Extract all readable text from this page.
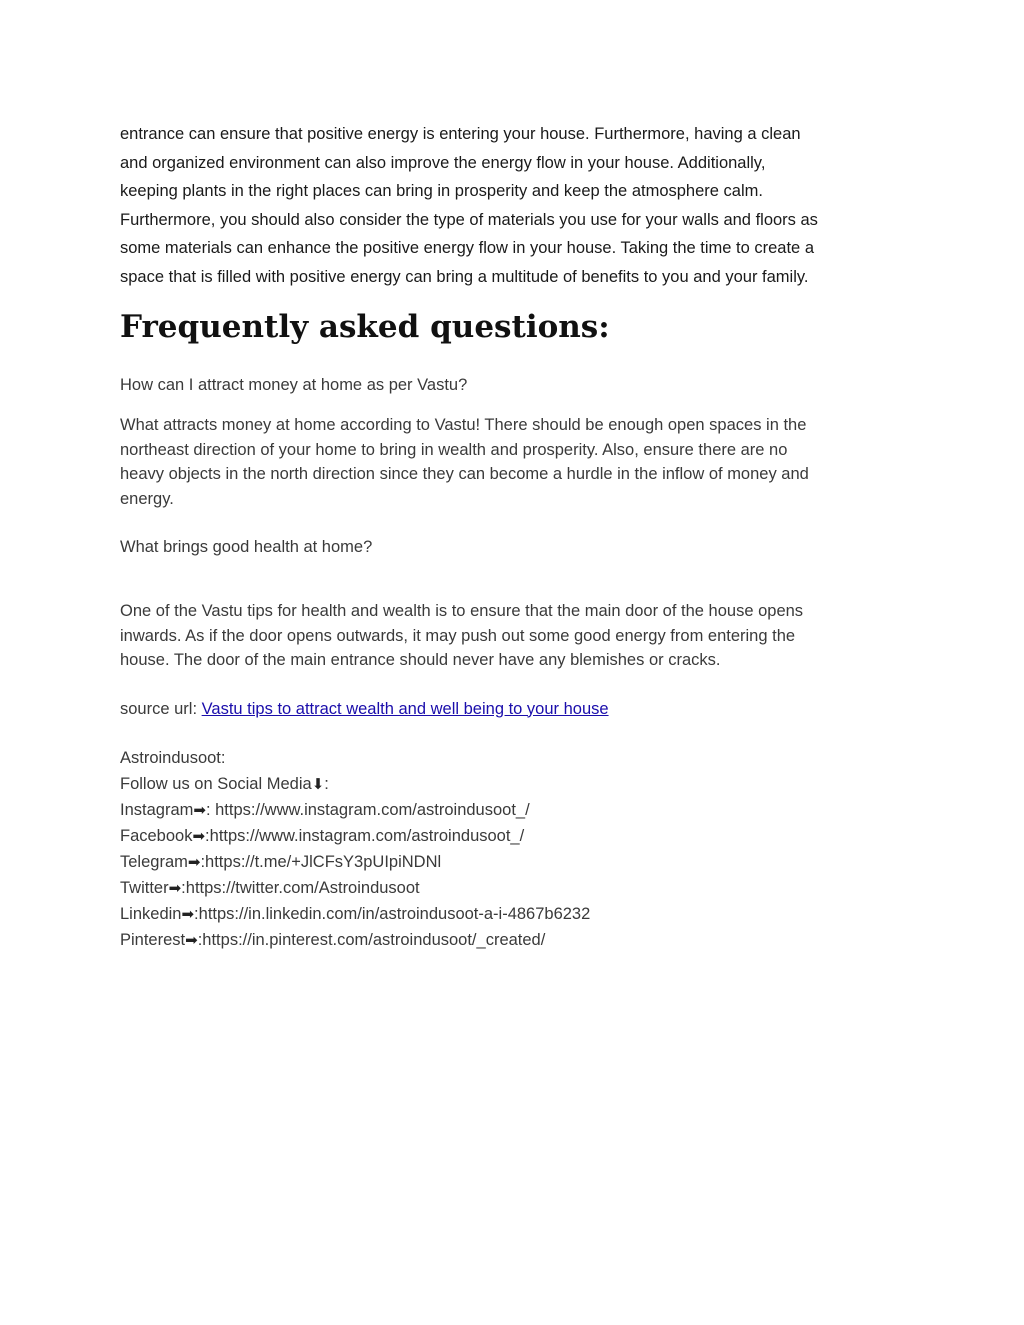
entrance can ensure that positive energy is entering your house. Furthermore, having a clean
and organized environment can also improve the energy flow in your house. Additionally,
keeping plants in the right places can bring in prosperity and keep the atmosphere calm.
Furthermore, you should also consider the type of materials you use for your walls and floors as
some materials can enhance the positive energy flow in your house. Taking the time to create a
space that is filled with positive energy can bring a multitude of benefits to you and your family.

Frequently asked questions:

How can I attract money at home as per Vastu?

What attracts money at home according to Vastu! There should be enough open spaces in the
northeast direction of your home to bring in wealth and prosperity. Also, ensure there are no
heavy objects in the north direction since they can become a hurdle in the inflow of money and
energy.

What brings good health at home?

One of the Vastu tips for health and wealth is to ensure that the main door of the house opens
inwards. As if the door opens outwards, it may push out some good energy from entering the
house. The door of the main entrance should never have any blemishes or cracks.

source url: Vastu tips to attract wealth and well being to your house

Astroindusoot:
Follow us on Social Media⬇:
Instagram➡: https://www.instagram.com/astroindusoot_/
Facebook➡:https://www.instagram.com/astroindusoot_/
Telegram➡:https://t.me/+JlCFsY3pUIpiNDNl
Twitter➡:https://twitter.com/Astroindusoot
Linkedin➡:https://in.linkedin.com/in/astroindusoot-a-i-4867b6232
Pinterest➡:https://in.pinterest.com/astroindusoot/_created/
